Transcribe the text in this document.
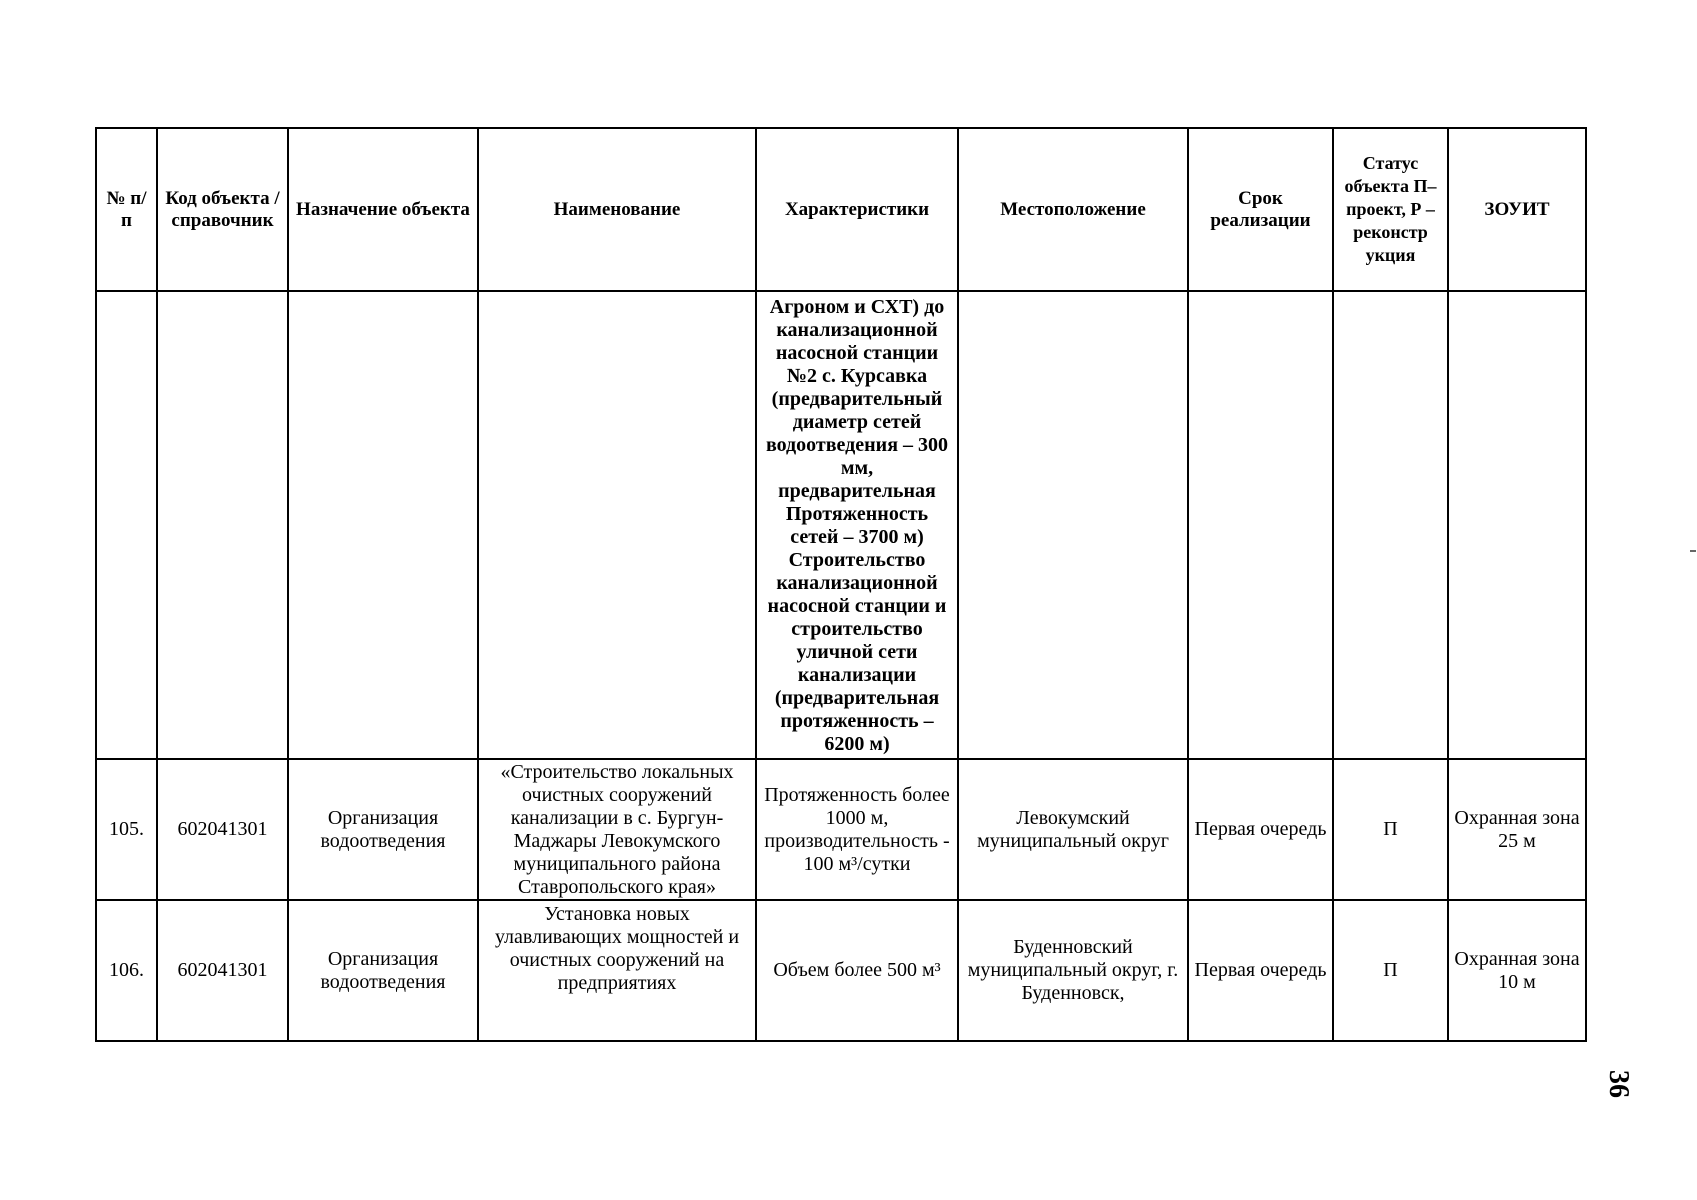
№ п/п	Код объекта / справочник	Назначение объекта	Наименование	Характеристики	Местоположение	Срок реализации	Статус объекта П– проект, Р – реконстр укция	ЗОУИТ
				Агроном и СХТ) до канализационной насосной станции №2 с. Курсавка (предварительный диаметр сетей водоотведения – 300 мм, предварительная Протяженность сетей – 3700 м) Строительство канализационной насосной станции и строительство уличной сети канализации (предварительная протяженность – 6200 м)				
105.	602041301	Организация водоотведения	«Строительство локальных очистных сооружений канализации в с. Бургун-Маджары Левокумского муниципального района Ставропольского края»	Протяженность более 1000 м, производительность - 100 м³/сутки	Левокумский муниципальный округ	Первая очередь	П	Охранная зона 25 м
106.	602041301	Организация водоотведения	Установка новых улавливающих мощностей и очистных сооружений на предприятиях	Объем более 500 м³	Буденновский муниципальный округ, г. Буденновск,	Первая очередь	П	Охранная зона 10 м
36
